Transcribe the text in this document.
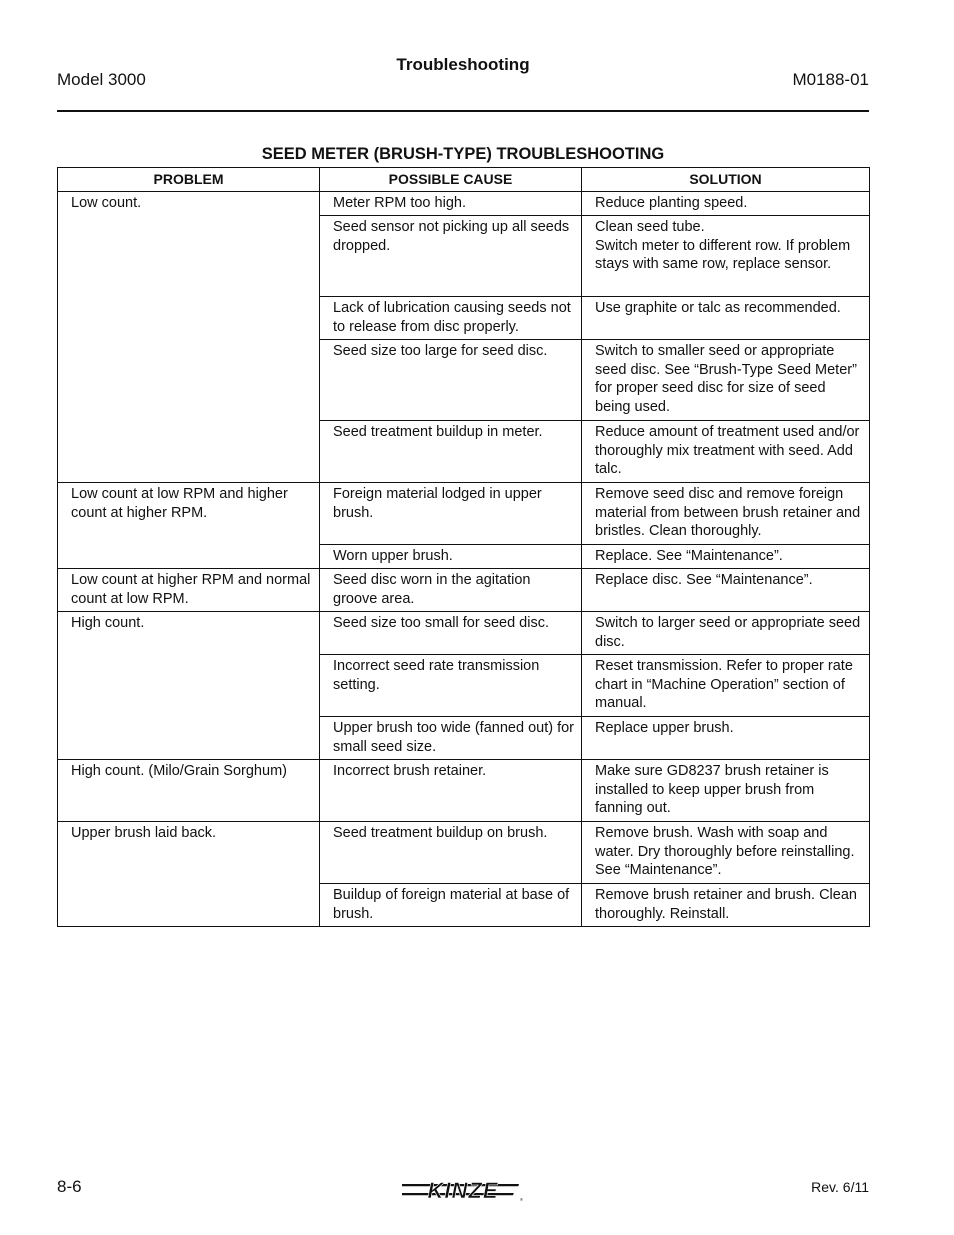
Model 3000
Troubleshooting
M0188-01
SEED METER (BRUSH-TYPE) TROUBLESHOOTING
PROBLEM	POSSIBLE CAUSE	SOLUTION
Low count.	Meter RPM too high.	Reduce planting speed.
	Seed sensor not picking up all seeds dropped.	Clean seed tube.
Switch meter to different row. If problem stays with same row, replace sensor.
	Lack of lubrication causing seeds not to release from disc properly.	Use graphite or talc as recommended.
	Seed size too large for seed disc.	Switch to smaller seed or appropriate seed disc. See “Brush-Type Seed Meter” for proper seed disc for size of seed being used.
	Seed treatment buildup in meter.	Reduce amount of treatment used and/or thoroughly mix treatment with seed. Add talc.
Low count at low RPM and higher count at higher RPM.	Foreign material lodged in upper brush.	Remove seed disc and remove foreign material from between brush retainer and bristles. Clean thoroughly.
	Worn upper brush.	Replace. See “Maintenance”.
Low count at higher RPM and normal count at low RPM.	Seed disc worn in the agitation groove area.	Replace disc. See “Maintenance”.
High count.	Seed size too small for seed disc.	Switch to larger seed or appropriate seed disc.
	Incorrect seed rate transmission setting.	Reset transmission. Refer to proper rate chart in “Machine Operation” section of manual.
	Upper brush too wide (fanned out) for small seed size.	Replace upper brush.
High count. (Milo/Grain Sorghum)	Incorrect brush retainer.	Make sure GD8237 brush retainer is installed to keep upper brush from fanning out.
Upper brush laid back.	Seed treatment buildup on brush.	Remove brush. Wash with soap and water. Dry thoroughly before reinstalling. See “Maintenance”.
	Buildup of foreign material at base of brush.	Remove brush retainer and brush. Clean thoroughly. Reinstall.
8-6	KINZE	®
Rev. 6/11
